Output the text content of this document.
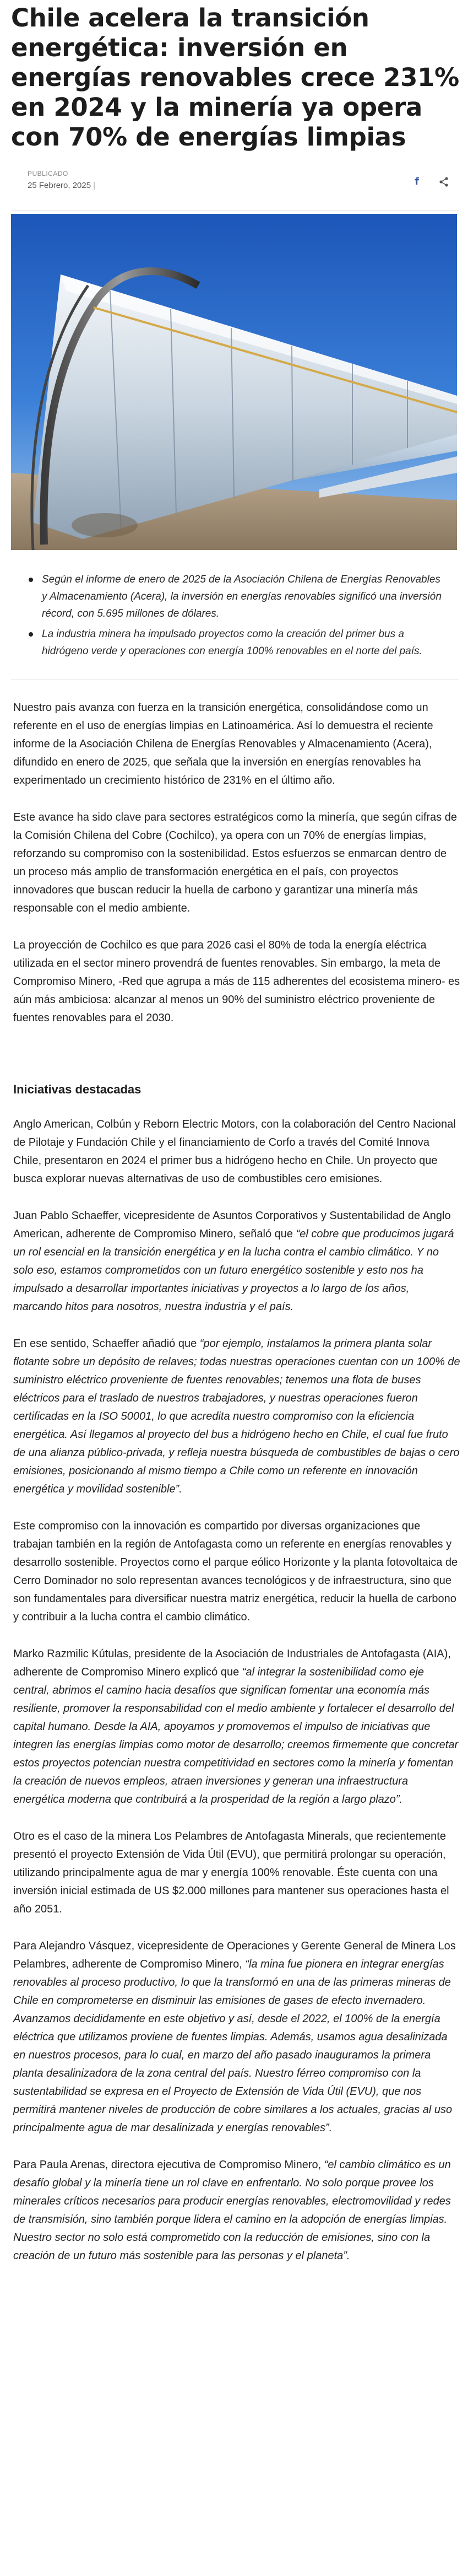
Chile acelera la transición energética: inversión en energías renovables crece 231% en 2024 y la minería ya opera con 70% de energías limpias
PUBLICADO
25 Febrero, 2025 |	f
Según el informe de enero de 2025 de la Asociación Chilena de Energías Renovables y Almacenamiento (Acera), la inversión en energías renovables significó una inversión récord, con 5.695 millones de dólares.
La industria minera ha impulsado proyectos como la creación del primer bus a hidrógeno verde y operaciones con energía 100% renovables en el norte del país.

Nuestro país avanza con fuerza en la transición energética, consolidándose como un referente en el uso de energías limpias en Latinoamérica. Así lo demuestra el reciente informe de la Asociación Chilena de Energías Renovables y Almacenamiento (Acera), difundido en enero de 2025, que señala que la inversión en energías renovables ha experimentado un crecimiento histórico de 231% en el último año.

Este avance ha sido clave para sectores estratégicos como la minería, que según cifras de la Comisión Chilena del Cobre (Cochilco), ya opera con un 70% de energías limpias, reforzando su compromiso con la sostenibilidad. Estos esfuerzos se enmarcan dentro de un proceso más amplio de transformación energética en el país, con proyectos innovadores que buscan reducir la huella de carbono y garantizar una minería más responsable con el medio ambiente.

La proyección de Cochilco es que para 2026 casi el 80% de toda la energía eléctrica utilizada en el sector minero provendrá de fuentes renovables. Sin embargo, la meta de Compromiso Minero, -Red que agrupa a más de 115 adherentes del ecosistema minero- es aún más ambiciosa: alcanzar al menos un 90% del suministro eléctrico proveniente de fuentes renovables para el 2030.

Iniciativas destacadas

Anglo American, Colbún y Reborn Electric Motors, con la colaboración del Centro Nacional de Pilotaje y Fundación Chile y el financiamiento de Corfo a través del Comité Innova Chile, presentaron en 2024 el primer bus a hidrógeno hecho en Chile. Un proyecto que busca explorar nuevas alternativas de uso de combustibles cero emisiones.

Juan Pablo Schaeffer, vicepresidente de Asuntos Corporativos y Sustentabilidad de Anglo American, adherente de Compromiso Minero, señaló que “el cobre que producimos jugará un rol esencial en la transición energética y en la lucha contra el cambio climático. Y no solo eso, estamos comprometidos con un futuro energético sostenible y esto nos ha impulsado a desarrollar importantes iniciativas y proyectos a lo largo de los años, marcando hitos para nosotros, nuestra industria y el país.

En ese sentido, Schaeffer añadió que “por ejemplo, instalamos la primera planta solar flotante sobre un depósito de relaves; todas nuestras operaciones cuentan con un 100% de suministro eléctrico proveniente de fuentes renovables; tenemos una flota de buses eléctricos para el traslado de nuestros trabajadores, y nuestras operaciones fueron certificadas en la ISO 50001, lo que acredita nuestro compromiso con la eficiencia energética. Así llegamos al proyecto del bus a hidrógeno hecho en Chile, el cual fue fruto de una alianza público-privada, y refleja nuestra búsqueda de combustibles de bajas o cero emisiones, posicionando al mismo tiempo a Chile como un referente en innovación energética y movilidad sostenible”.

Este compromiso con la innovación es compartido por diversas organizaciones que trabajan también en la región de Antofagasta como un referente en energías renovables y desarrollo sostenible. Proyectos como el parque eólico Horizonte y la planta fotovoltaica de Cerro Dominador no solo representan avances tecnológicos y de infraestructura, sino que son fundamentales para diversificar nuestra matriz energética, reducir la huella de carbono y contribuir a la lucha contra el cambio climático.

Marko Razmilic Kútulas, presidente de la Asociación de Industriales de Antofagasta (AIA), adherente de Compromiso Minero explicó que “al integrar la sostenibilidad como eje central, abrimos el camino hacia desafíos que significan fomentar una economía más resiliente, promover la responsabilidad con el medio ambiente y fortalecer el desarrollo del capital humano. Desde la AIA, apoyamos y promovemos el impulso de iniciativas que integren las energías limpias como motor de desarrollo; creemos firmemente que concretar estos proyectos potencian nuestra competitividad en sectores como la minería y fomentan la creación de nuevos empleos, atraen inversiones y generan una infraestructura energética moderna que contribuirá a la prosperidad de la región a largo plazo”.

Otro es el caso de la minera Los Pelambres de Antofagasta Minerals, que recientemente presentó el proyecto Extensión de Vida Útil (EVU), que permitirá prolongar su operación, utilizando principalmente agua de mar y energía 100% renovable. Éste cuenta con una inversión inicial estimada de US $2.000 millones para mantener sus operaciones hasta el año 2051.

Para Alejandro Vásquez, vicepresidente de Operaciones y Gerente General de Minera Los Pelambres, adherente de Compromiso Minero, “la mina fue pionera en integrar energías renovables al proceso productivo, lo que la transformó en una de las primeras mineras de Chile en comprometerse en disminuir las emisiones de gases de efecto invernadero. Avanzamos decididamente en este objetivo y así, desde el 2022, el 100% de la energía eléctrica que utilizamos proviene de fuentes limpias. Además, usamos agua desalinizada en nuestros procesos, para lo cual, en marzo del año pasado inauguramos la primera planta desalinizadora de la zona central del país. Nuestro férreo compromiso con la sustentabilidad se expresa en el Proyecto de Extensión de Vida Útil (EVU), que nos permitirá mantener niveles de producción de cobre similares a los actuales, gracias al uso principalmente agua de mar desalinizada y energías renovables”.

Para Paula Arenas, directora ejecutiva de Compromiso Minero, “el cambio climático es un desafío global y la minería tiene un rol clave en enfrentarlo. No solo porque provee los minerales críticos necesarios para producir energías renovables, electromovilidad y redes de transmisión, sino también porque lidera el camino en la adopción de energías limpias. Nuestro sector no solo está comprometido con la reducción de emisiones, sino con la creación de un futuro más sostenible para las personas y el planeta”.
